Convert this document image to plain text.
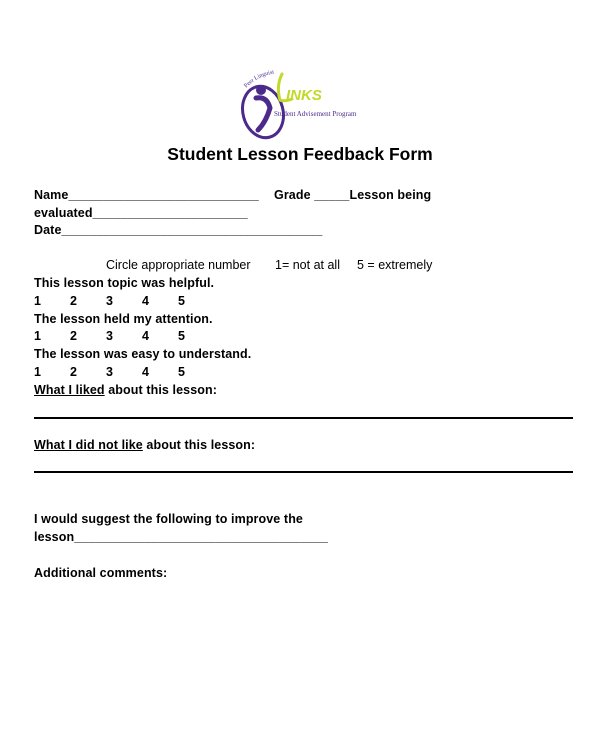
Peer Linguist
INKS
Student Advisement Program
Student Lesson Feedback Form
Name___________________________ Grade _____Lesson being
evaluated______________________
Date_____________________________________
Circle appropriate number 1= not at all 5 = extremely
This lesson topic was helpful.
1 2 3 4 5
The lesson held my attention.
1 2 3 4 5
The lesson was easy to understand.
1 2 3 4 5
What I liked about this lesson:
What I did not like about this lesson:
I would suggest the following to improve the
lesson____________________________________
Additional comments:
